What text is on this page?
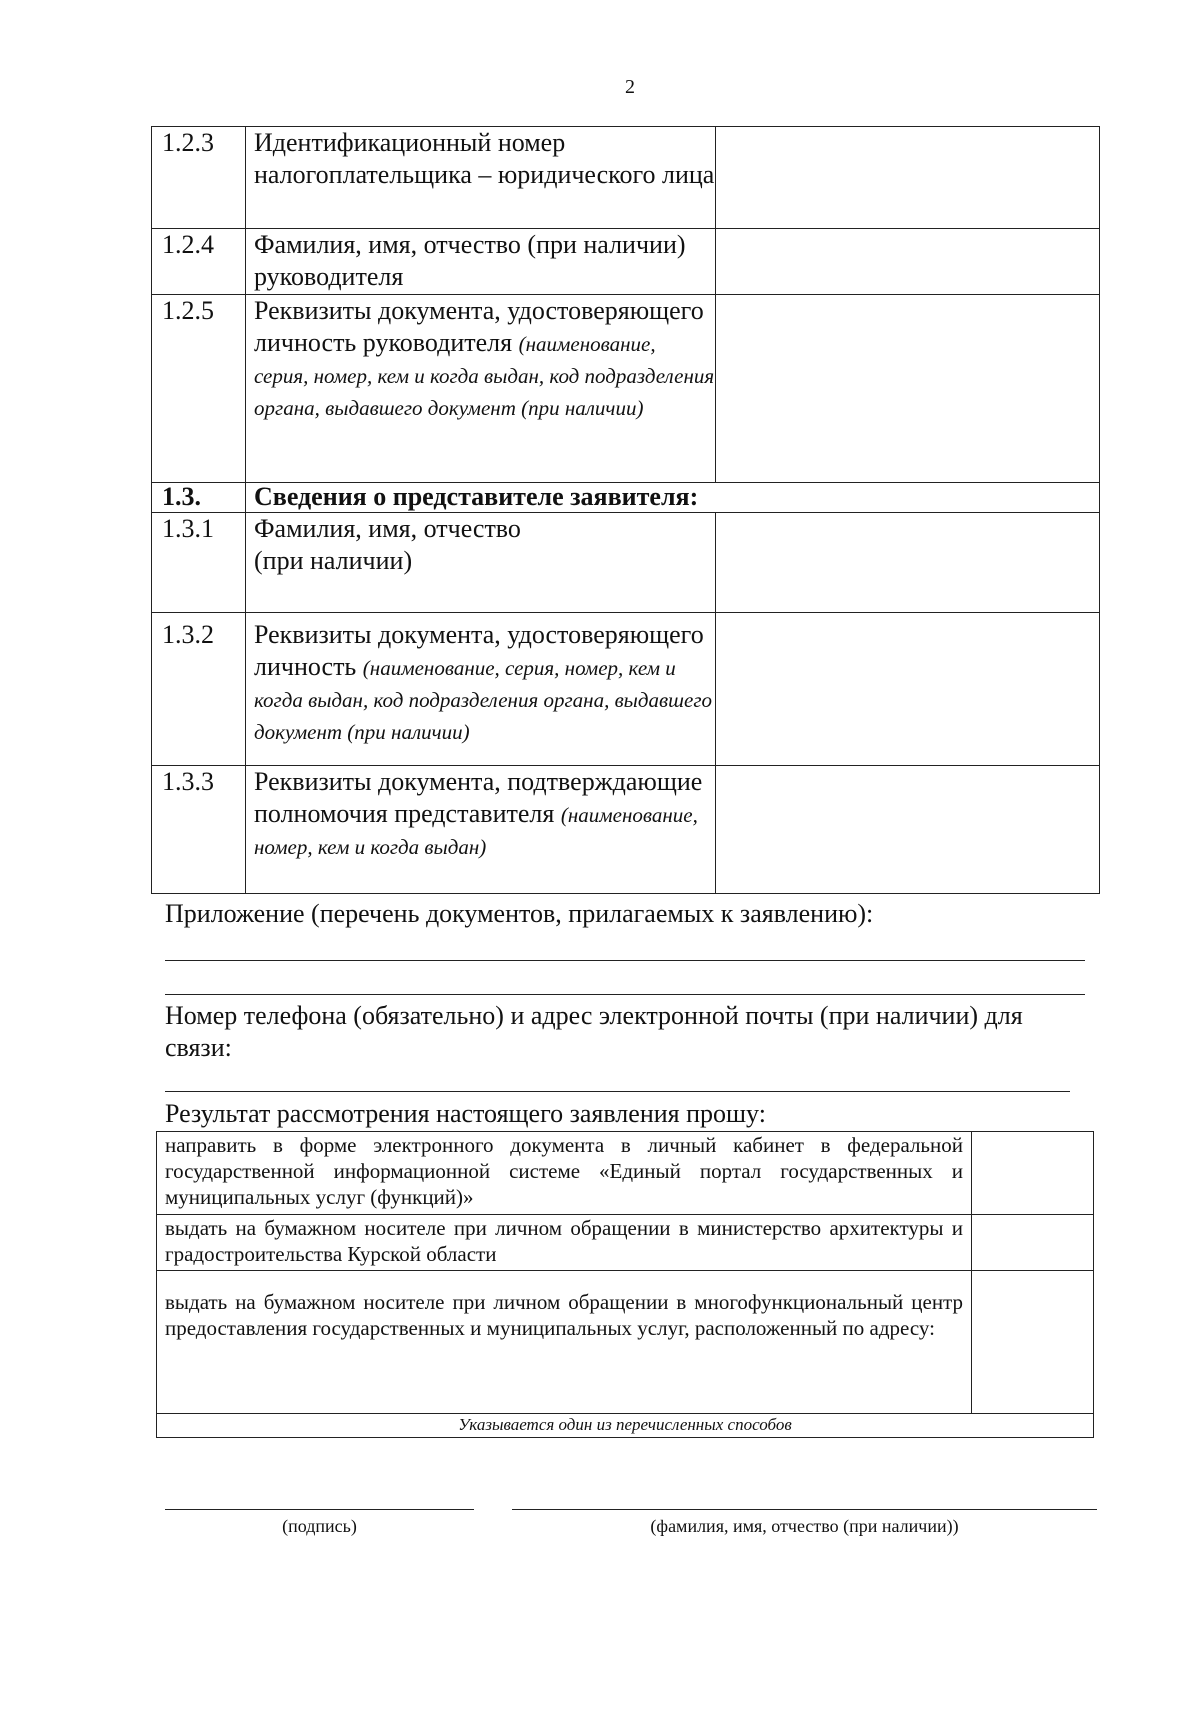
2
1.2.3	Идентификационный номер налогоплательщика – юридического лица	
1.2.4	Фамилия, имя, отчество (при наличии) руководителя	
1.2.5	Реквизиты документа, удостоверяющего личность руководителя (наименование, серия, номер, кем и когда выдан, код подразделения органа, выдавшего документ (при наличии)	
1.3.	Сведения о представителе заявителя:	
1.3.1	Фамилия, имя, отчество (при наличии)	
1.3.2	Реквизиты документа, удостоверяющего личность (наименование, серия, номер, кем и когда выдан, код подразделения органа, выдавшего документ (при наличии)	
1.3.3	Реквизиты документа, подтверждающие полномочия представителя (наименование, номер, кем и когда выдан)	
Приложение (перечень документов, прилагаемых к заявлению):
Номер телефона (обязательно) и адрес электронной почты (при наличии) для связи:
Результат рассмотрения настоящего заявления прошу:
направить в форме электронного документа в личный кабинет в федеральной государственной информационной системе «Единый портал государственных и муниципальных услуг (функций)»	
выдать на бумажном носителе при личном обращении в министерство архитектуры и градостроительства Курской области	
выдать на бумажном носителе при личном обращении в многофункциональный центр предоставления государственных и муниципальных услуг, расположенный по адресу:	
Указывается один из перечисленных способов	
(подпись)	(фамилия, имя, отчество (при наличии))
